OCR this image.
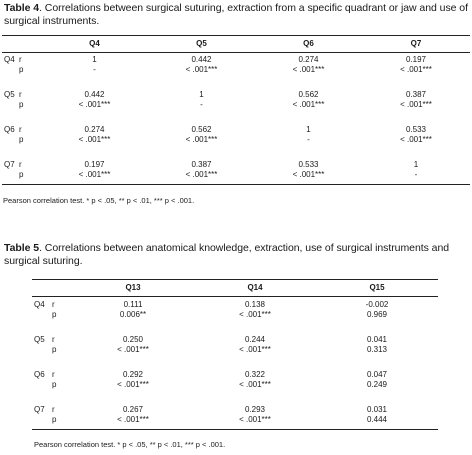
Table 4. Correlations between surgical suturing, extraction from a specific quadrant or jaw and use of surgical instruments.
		Q4	Q5	Q6	Q7
Q4	r	1	0.442	0.274	0.197
	p	-	< .001***	< .001***	< .001***
Q5	r	0.442	1	0.562	0.387
	p	< .001***	-	< .001***	< .001***
Q6	r	0.274	0.562	1	0.533
	p	< .001***	< .001***	-	< .001***
Q7	r	0.197	0.387	0.533	1
	p	< .001***	< .001***	< .001***	-
Pearson correlation test. * p < .05, ** p < .01, *** p < .001.
Table 5. Correlations between anatomical knowledge, extraction, use of surgical instruments and surgical suturing.
		Q13	Q14	Q15
Q4	r	0.111	0.138	-0.002
	p	0.006**	< .001***	0.969
Q5	r	0.250	0.244	0.041
	p	< .001***	< .001***	0.313
Q6	r	0.292	0.322	0.047
	p	< .001***	< .001***	0.249
Q7	r	0.267	0.293	0.031
	p	< .001***	< .001***	0.444
Pearson correlation test. * p < .05, ** p < .01, *** p < .001.
